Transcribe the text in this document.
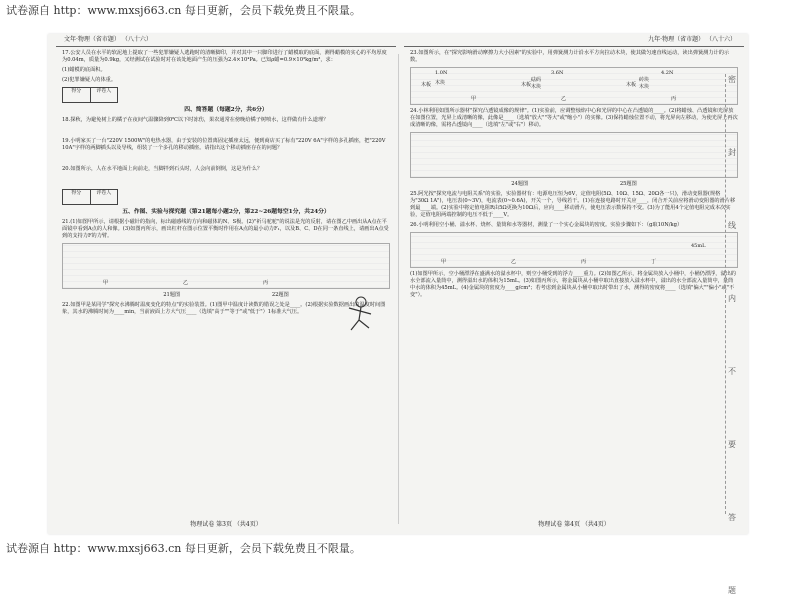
试卷源自 http：www.mxsj663.cn 每日更新，会员下载免费且不限量。
文年·物理（省市题） （八十六）
17.公安人员在水平的软泥地上提取了一些犯罪嫌疑人逃跑时的清晰脚印，并对其中一只脚印进行了蜡模取的底面，测得蜡模的实心的平均厚度为0.04m，质量为0.9kg，又经测试在试验时对在该处地面产生的压强为2.4×10⁴Pa。已知ρ蜡=0.9×10³kg/m³，求：
(1)蜡模的底面积。
(2)犯罪嫌疑人的体重。
得分	评卷人
四、简答题（每题2分，共6分）
18.探秋，为避免树上的橘子在夜间气温骤降到0℃以下时冻伤，果农通常在傍晚给橘子树喷水，这样做有什么道理？
19.小明家买了一台"220V 1500W"的电热水器，由于安装的位置离固定插座太远，便到商店买了标有"220V 6A"字样的多孔插座，把"220V 10A"字样的两脚插头以及导线，组装了一个多孔的移动插座。请指出这个移动插座存在的问题？
20.如图所示，人在水平地面上向前走，当脚拌到石头时，人会向前倒倒，这是为什么？
得分	评卷人
五、作图、实验与探究题（第21题每小题2分，第22~26题每空1分，共24分）
21.(1)如图甲所示，请根据小磁针的指向，标出磁感线的方向和磁体的N、S极。(2)"祈马驼驼"的说法是光的反射，请在图乙中画出从A点在平面镜中看到A点的人和像。(3)如图丙所示，画出杠杆在图示位置平衡时作用在A点的最小动力F₁，以及B、C、D在同一条直线上，请画出A点受到的支持力F的力臂。
甲	乙	丙
21题图	22题图
22.如图甲是某同学"探究水沸腾时温度变化的特点"的实验装置。(1)图甲中温度计读数的错误之处是____。(2)根据实验数据画出的温度时间图象，其水的沸腾时间为____min，当前液面上方大气压____（选填"高于""等于"或"低于"）1标准大气压。
物理试卷 第3页 （共4页）
九年·物理（省市题） （八十六）
23.如图所示，在"探究影响滑动摩擦力大小因素"的实验中，用弹簧测力计沿水平方向拉动木块，使其做匀速直线运动，读出弹簧测力计的示数。
1.0N	3.6N	4.2N
木板 木块	砝码
木板 木块
砖块
木块
木板
甲	乙	丙
24.小林利用如图所示器材"探究凸透镜成像的规律"。(1)实验前，应调整烛焰中心和光屏的中心在凸透镜的____。(2)将蜡烛、凸透镜和光屏放在如图位置，光屏上成清晰的像，此像是____（选填"放大""等大"或"缩小"）的实像。(3)保持蜡烛位置不动，将光屏向左移动，为使光屏上再次成清晰的像，需将凸透镜向____（选填"左"或"右"）移动。
24题图	25题图
25.阿光按"探究电流与电阻关系"的实验，实验器材有：电源电压恒为6V，定值电阻(5Ω、10Ω、15Ω、20Ω各一只)，滑动变阻器(规格为"30Ω 1A")，电压表(0~3V)，电流表(0~0.6A)，开关一个，导线若干。(1)在连接电路时开关应____，闭合开关前应将滑动变阻器的滑片移到最____端。(2)实验中将定值电阻R由5Ω更换为10Ω后，应向____移动滑片，使电压表示数保持不变。(3)为了能用4个定值电阻完成本次实验，定值电阻两端控制的电压不低于____V。
26.小明利用空小桶、溢水杯、烧杯、量筒和水等器材，测量了一个实心金属块的密度。实验步骤如下：（g取10N/kg）
甲	乙	丙	丁
45mL
(1)如图甲所示，空小桶漂浮在盛满水的溢水杯中，则空小桶受到的浮力____重力。(2)如图乙所示，将金属块放入小桶中，小桶仍漂浮，溢出的水全部流入量筒中，测得溢出水的体积为15mL。(3)如图丙所示，将金属块从小桶中取出直接放入溢水杯中，溢出的水全部流入量筒中，量筒中水的体积为45mL。(4)金属块的密度为____g/cm³；若考虑到金属块从小桶中取出时带出了水，测得的密度将____（选填"偏大""偏小"或"不变"）。
物理试卷 第4页 （共4页）
密
封
线
内
不
要
答
题
试卷源自 http：www.mxsj663.cn 每日更新，会员下载免费且不限量。
